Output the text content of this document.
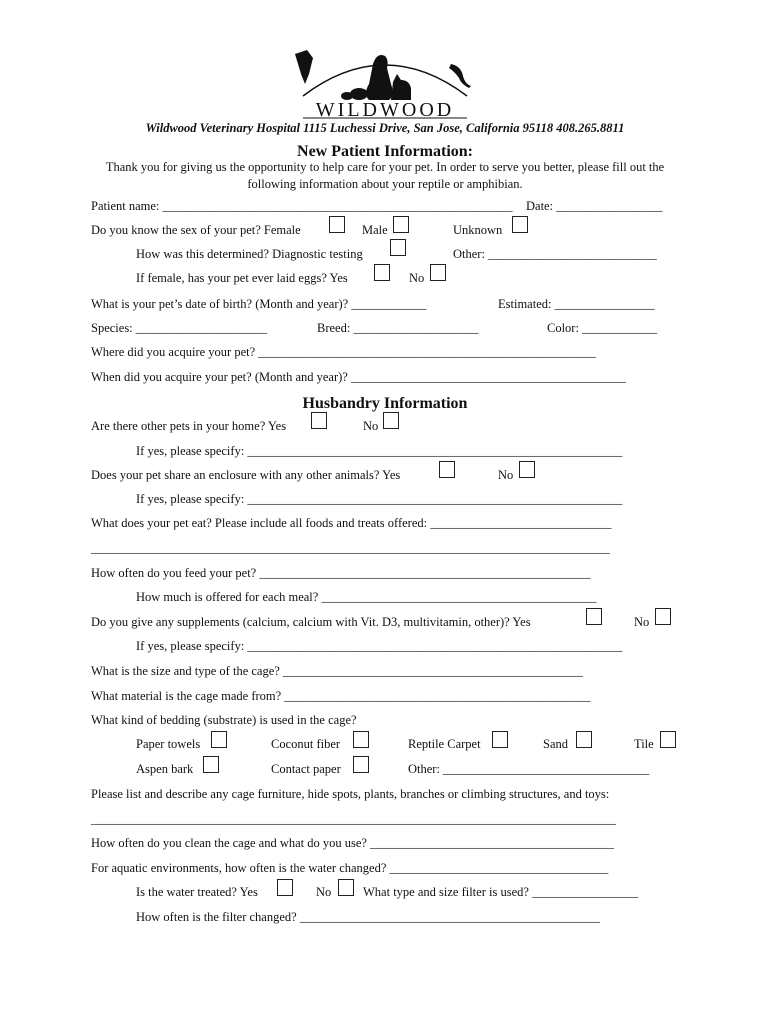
WILDWOOD
Wildwood Veterinary Hospital 1115 Luchessi Drive, San Jose, California 95118 408.265.8811
New Patient Information:
Thank you for giving us the opportunity to help care for your pet. In order to serve you better, please fill out the
following information about your reptile or amphibian.
Patient name: ________________________________________________________ Date: _________________
Do you know the sex of your pet? Female	Male	Unknown
How was this determined? Diagnostic testing	Other: ___________________________
If female, has your pet ever laid eggs? Yes	No
What is your pet’s date of birth? (Month and year)? ____________	Estimated: ________________
Species: _____________________	Breed: ____________________	Color: ____________
Where did you acquire your pet? ______________________________________________________
When did you acquire your pet? (Month and year)? ____________________________________________
Husbandry Information
Are there other pets in your home? Yes	No
If yes, please specify: ____________________________________________________________
Does your pet share an enclosure with any other animals? Yes	No
If yes, please specify: ____________________________________________________________
What does your pet eat? Please include all foods and treats offered: _____________________________
___________________________________________________________________________________
How often do you feed your pet? _____________________________________________________
How much is offered for each meal? ____________________________________________
Do you give any supplements (calcium, calcium with Vit. D3, multivitamin, other)? Yes	No
If yes, please specify: ____________________________________________________________
What is the size and type of the cage? ________________________________________________
What material is the cage made from? _________________________________________________
What kind of bedding (substrate) is used in the cage?
Paper towels	Coconut fiber	Reptile Carpet	Sand	Tile
Aspen bark	Contact paper	Other: _________________________________
Please list and describe any cage furniture, hide spots, plants, branches or climbing structures, and toys:
____________________________________________________________________________________
How often do you clean the cage and what do you use? _______________________________________
For aquatic environments, how often is the water changed? ___________________________________
Is the water treated? Yes	No	What type and size filter is used? _________________
How often is the filter changed? ________________________________________________
